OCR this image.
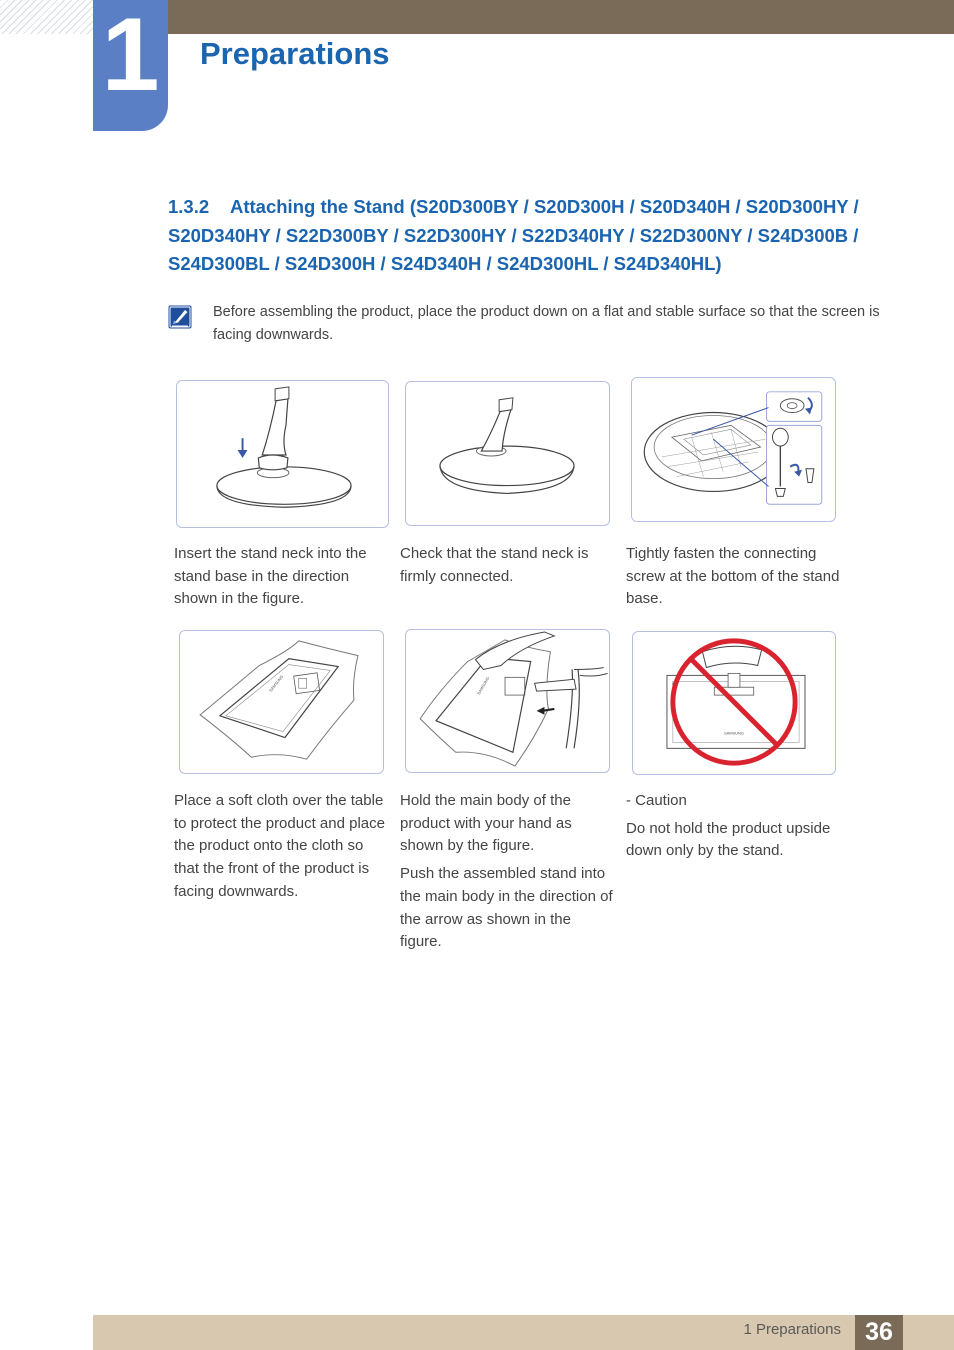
1 Preparations
1.3.2 Attaching the Stand (S20D300BY / S20D300H / S20D340H / S20D300HY / S20D340HY / S22D300BY / S22D300HY / S22D340HY / S22D300NY / S24D300B / S24D300BL / S24D300H / S24D340H / S24D300HL / S24D340HL)
Before assembling the product, place the product down on a flat and stable surface so that the screen is facing downwards.
SAMSUNG	SAMSUNG
SAMSUNG

Insert the stand neck into the stand base in the direction shown in the figure.

Check that the stand neck is firmly connected.

Tightly fasten the connecting screw at the bottom of the stand base.

Place a soft cloth over the table to protect the product and place the product onto the cloth so that the front of the product is facing downwards.

Hold the main body of the product with your hand as shown by the figure.

Push the assembled stand into the main body in the direction of the arrow as shown in the figure.

- Caution

Do not hold the product upside down only by the stand.

1 Preparations 36
